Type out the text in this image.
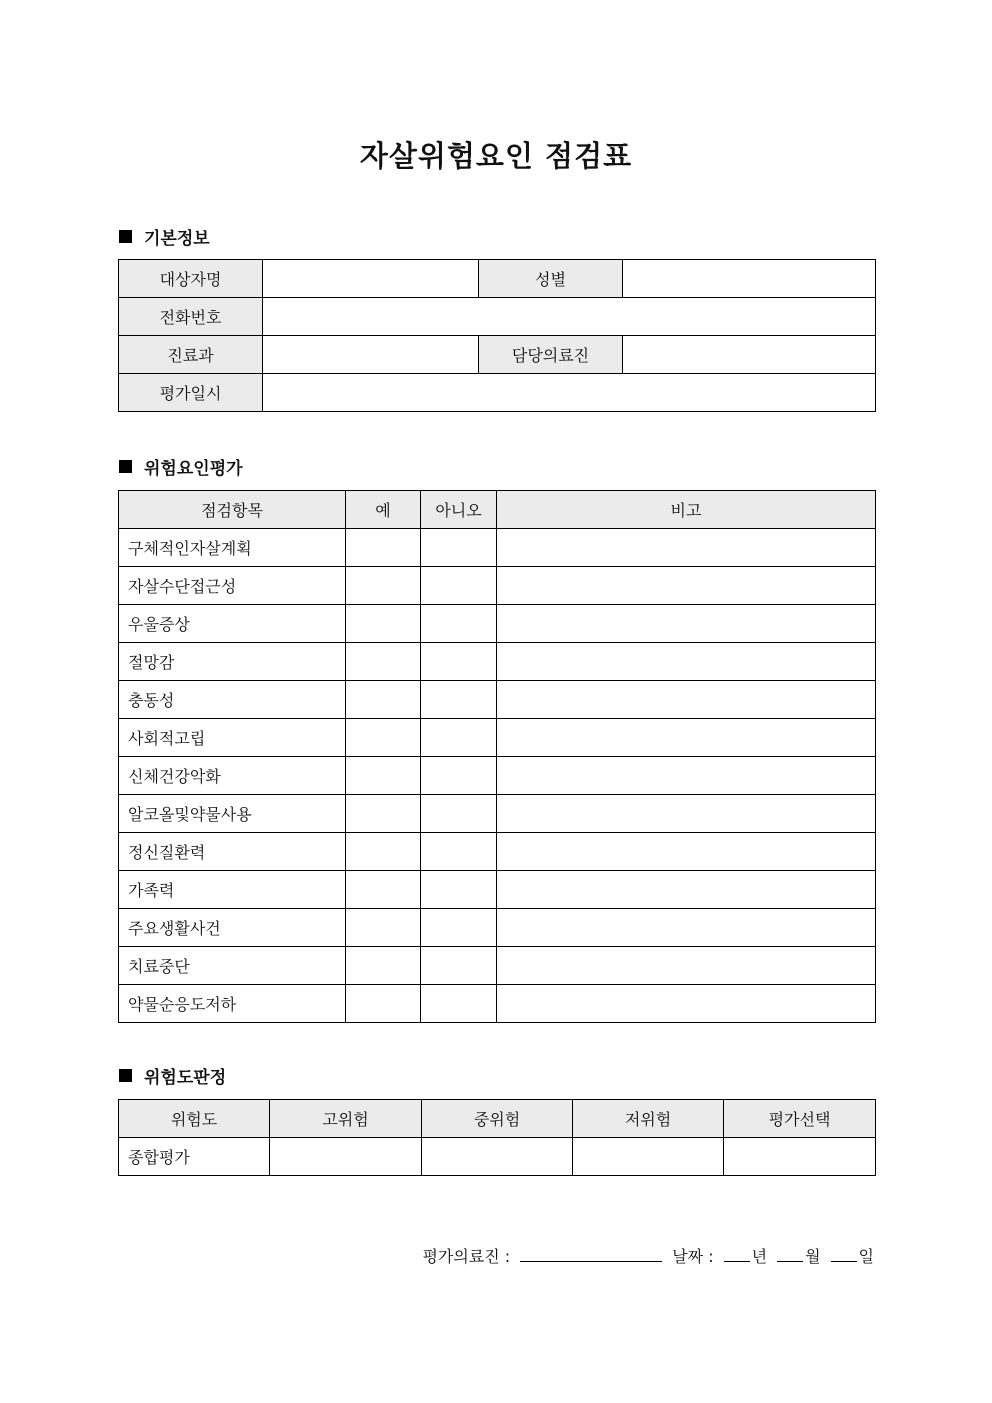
자살위험요인 점검표
기본정보
대상자명		성별	
전화번호			
진료과		담당의료진	
평가일시			
위험요인평가
점검항목	예	아니오	비고
구체적인자살계획			
자살수단접근성			
우울증상			
절망감			
충동성			
사회적고립			
신체건강악화			
알코올및약물사용			
정신질환력			
가족력			
주요생활사건			
치료중단			
약물순응도저하			
위험도판정
위험도	고위험	중위험	저위험	평가선택
종합평가				
평가의료진 :	날짜 : 년 월 일
